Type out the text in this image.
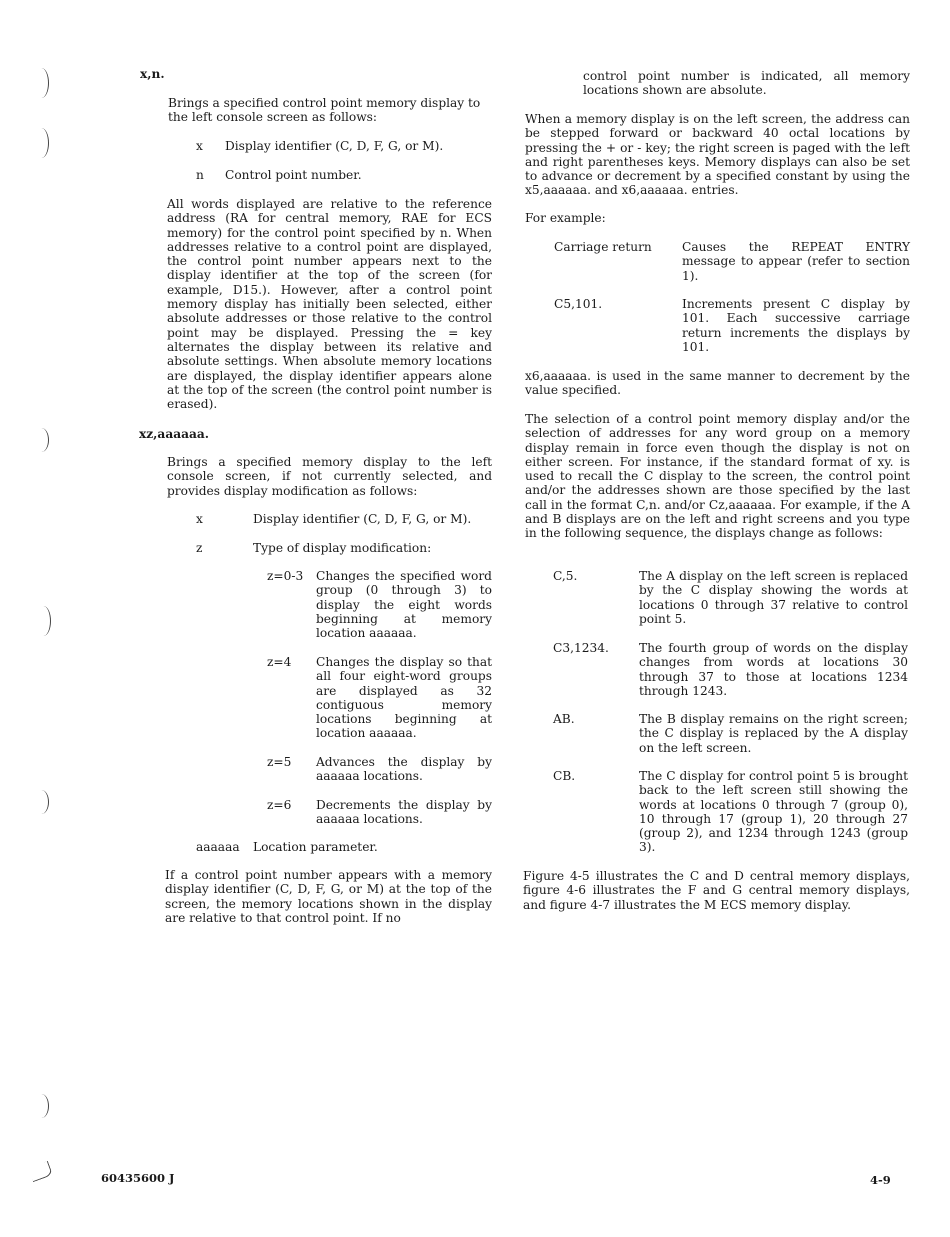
x,n.
Brings a specified control point memory display to the left console screen as follows:
x Display identifier (C, D, F, G, or M).
n Control point number.
All words displayed are relative to the reference address (RA for central memory, RAE for ECS memory) for the control point specified by n. When addresses relative to a control point are displayed, the control point number appears next to the display identifier at the top of the screen (for example, D15.). However, after a control point memory display has initially been selected, either absolute addresses or those relative to the control point may be displayed. Pressing the = key alternates the display between its relative and absolute settings. When absolute memory locations are displayed, the display identifier appears alone at the top of the screen (the control point number is erased).
xz,aaaaaa.
Brings a specified memory display to the left console screen, if not currently selected, and provides display modification as follows:
x	Display identifier (C, D, F, G, or M).
z	Type of display modification:
z=0-3 Changes the specified word group (0 through 3) to display the eight words beginning at memory location aaaaaa.
z=4 Changes the display so that all four eight-word groups are displayed as 32 contiguous memory locations beginning at location aaaaaa.
z=5 Advances the display by aaaaaa locations.
z=6 Decrements the display by aaaaaa locations.
aaaaaa Location parameter.
If a control point number appears with a memory display identifier (C, D, F, G, or M) at the top of the screen, the memory locations shown in the display are relative to that control point. If no
control point number is indicated, all memory locations shown are absolute.
When a memory display is on the left screen, the address can be stepped forward or backward 40 octal locations by pressing the + or - key; the right screen is paged with the left and right parentheses keys. Memory displays can also be set to advance or decrement by a specified constant by using the x5,aaaaaa. and x6,aaaaaa. entries.
For example:
Carriage return Causes the REPEAT ENTRY message to appear (refer to section 1).
C5,101.	Increments present C display by 101. Each successive carriage return increments the displays by 101.
x6,aaaaaa. is used in the same manner to decrement by the value specified.
The selection of a control point memory display and/or the selection of addresses for any word group on a memory display remain in force even though the display is not on either screen. For instance, if the standard format of xy. is used to recall the C display to the screen, the control point and/or the addresses shown are those specified by the last call in the format C,n. and/or Cz,aaaaaa. For example, if the A and B displays are on the left and right screens and you type in the following sequence, the displays change as follows:
C,5.	The A display on the left screen is replaced by the C display showing the words at locations 0 through 37 relative to control point 5.
C3,1234. The fourth group of words on the display changes from words at locations 30 through 37 to those at locations 1234 through 1243.
AB.	The B display remains on the right screen; the C display is replaced by the A display on the left screen.
CB.	The C display for control point 5 is brought back to the left screen still showing the words at locations 0 through 7 (group 0), 10 through 17 (group 1), 20 through 27 (group 2), and 1234 through 1243 (group 3).
Figure 4-5 illustrates the C and D central memory displays, figure 4-6 illustrates the F and G central memory displays, and figure 4-7 illustrates the M ECS memory display.
60435600 J	4-9
